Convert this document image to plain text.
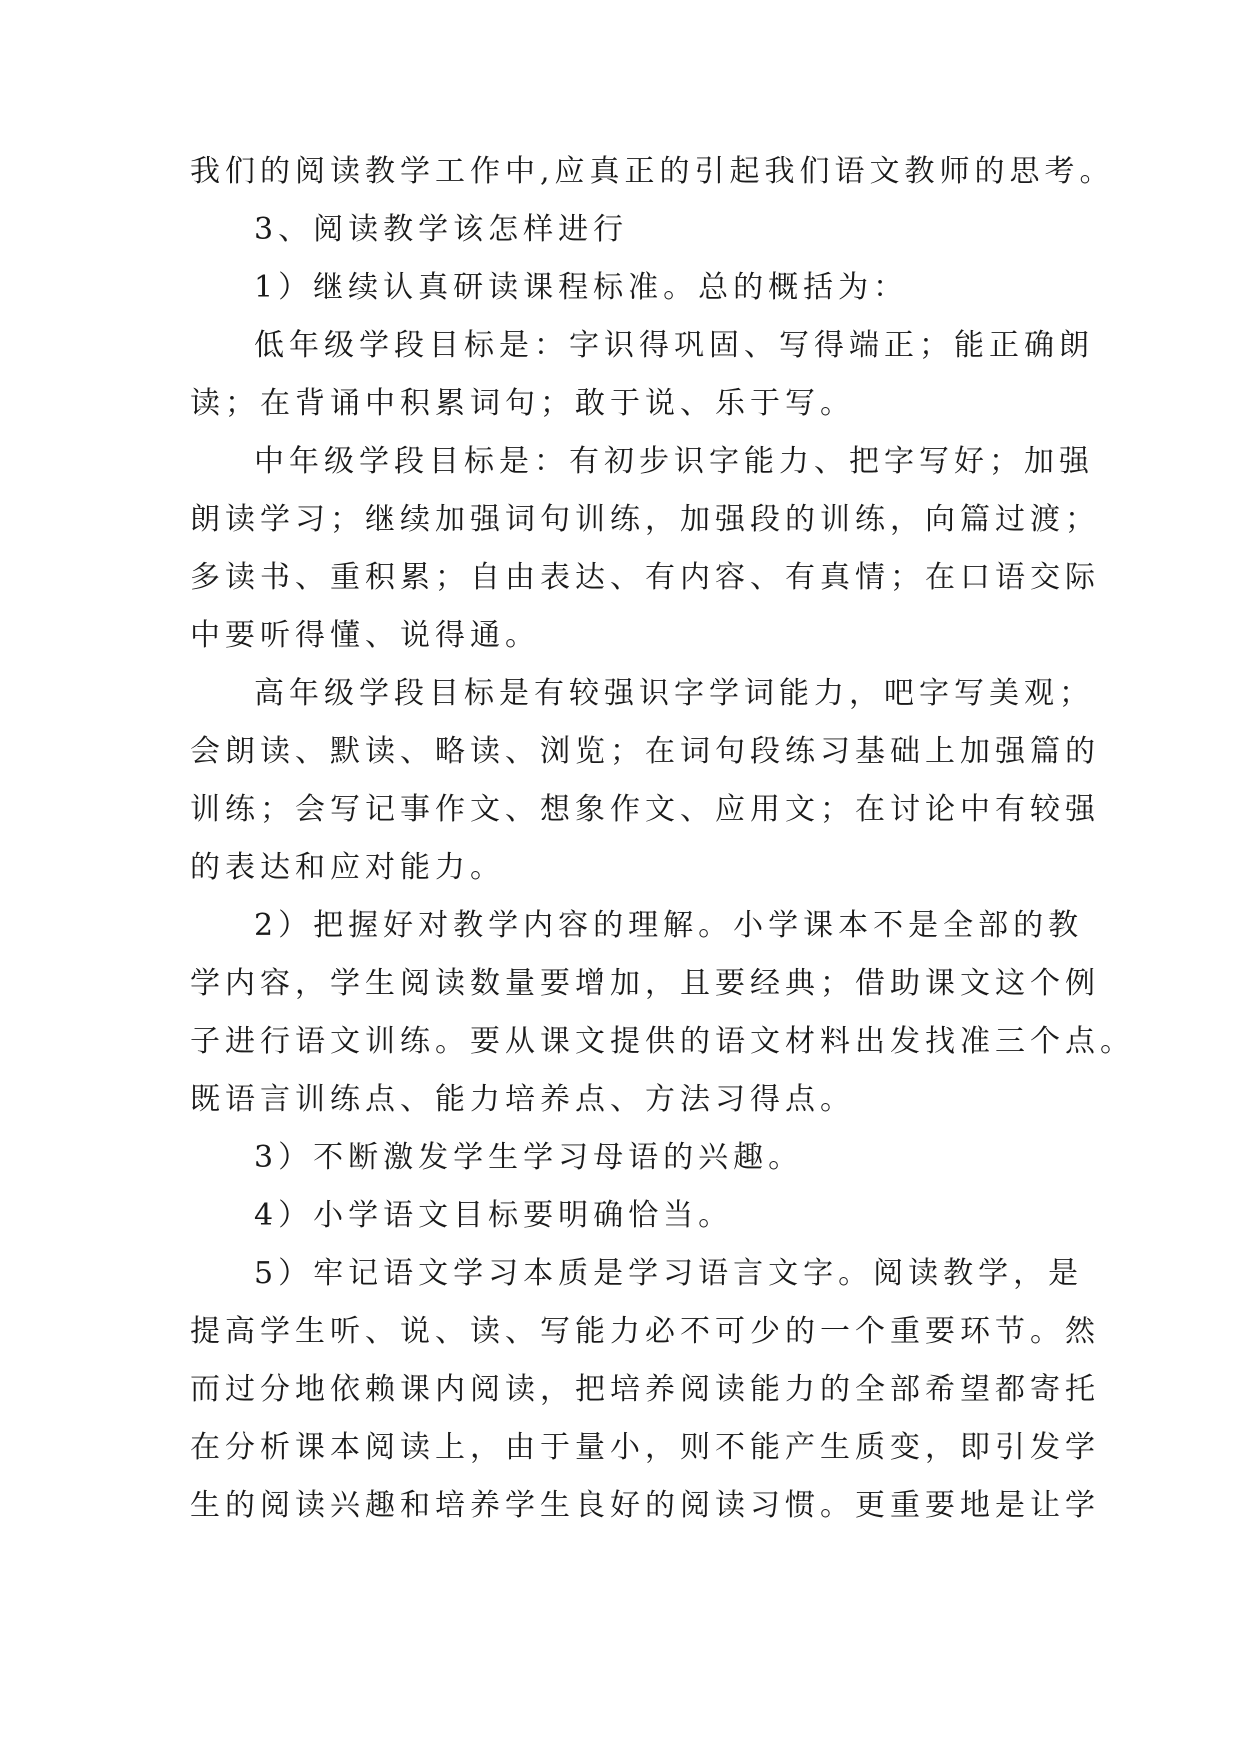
我们的阅读教学工作中,应真正的引起我们语文教师的思考。
3、阅读教学该怎样进行
1）继续认真研读课程标准。总的概括为：
低年级学段目标是：字识得巩固、写得端正；能正确朗
读；在背诵中积累词句；敢于说、乐于写。
中年级学段目标是：有初步识字能力、把字写好；加强
朗读学习；继续加强词句训练，加强段的训练，向篇过渡；
多读书、重积累；自由表达、有内容、有真情；在口语交际
中要听得懂、说得通。
高年级学段目标是有较强识字学词能力，吧字写美观；
会朗读、默读、略读、浏览；在词句段练习基础上加强篇的
训练；会写记事作文、想象作文、应用文；在讨论中有较强
的表达和应对能力。
2）把握好对教学内容的理解。小学课本不是全部的教
学内容，学生阅读数量要增加，且要经典；借助课文这个例
子进行语文训练。要从课文提供的语文材料出发找准三个点。
既语言训练点、能力培养点、方法习得点。
3）不断激发学生学习母语的兴趣。
4）小学语文目标要明确恰当。
5）牢记语文学习本质是学习语言文字。阅读教学，是
提高学生听、说、读、写能力必不可少的一个重要环节。然
而过分地依赖课内阅读，把培养阅读能力的全部希望都寄托
在分析课本阅读上，由于量小，则不能产生质变，即引发学
生的阅读兴趣和培养学生良好的阅读习惯。更重要地是让学
